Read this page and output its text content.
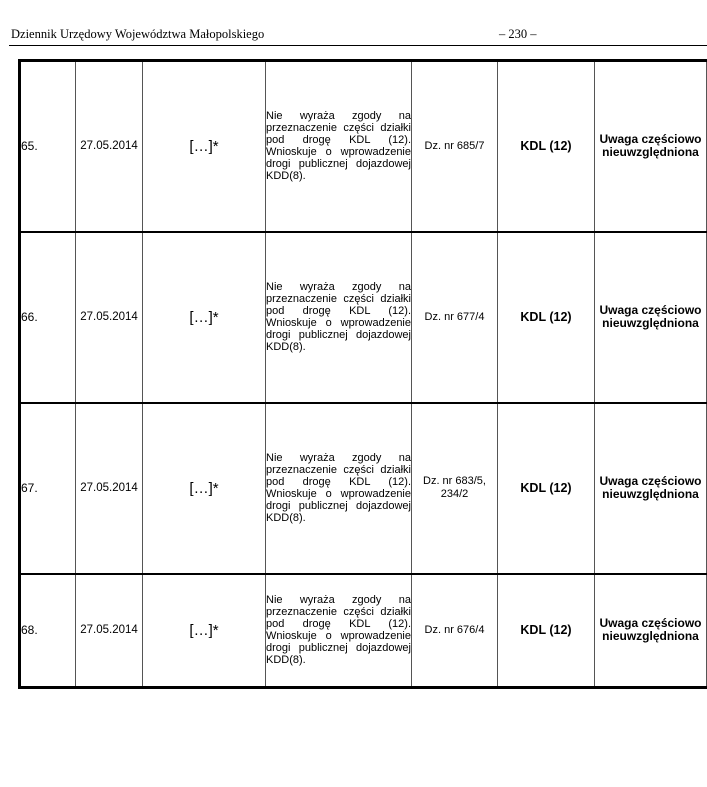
Dziennik Urzędowy Województwa Małopolskiego	– 230 –
65.	27.05.2014	[…]*	Nie wyraża zgody na przeznaczenie części działki pod drogę KDL (12). Wnioskuje o wprowadzenie drogi publicznej dojazdowej KDD(8).	Dz. nr 685/7	KDL (12)	Uwaga częściowo nieuwzględniona	
66.	27.05.2014	[…]*	Nie wyraża zgody na przeznaczenie części działki pod drogę KDL (12). Wnioskuje o wprowadzenie drogi publicznej dojazdowej KDD(8).	Dz. nr 677/4	KDL (12)	Uwaga częściowo nieuwzględniona	
67.	27.05.2014	[…]*	Nie wyraża zgody na przeznaczenie części działki pod drogę KDL (12). Wnioskuje o wprowadzenie drogi publicznej dojazdowej KDD(8).	Dz. nr 683/5, 234/2	KDL (12)	Uwaga częściowo nieuwzględniona	
68.	27.05.2014	[…]*	Nie wyraża zgody na przeznaczenie części działki pod drogę KDL (12). Wnioskuje o wprowadzenie drogi publicznej dojazdowej KDD(8).	Dz. nr 676/4	KDL (12)	Uwaga częściowo nieuwzględniona	
